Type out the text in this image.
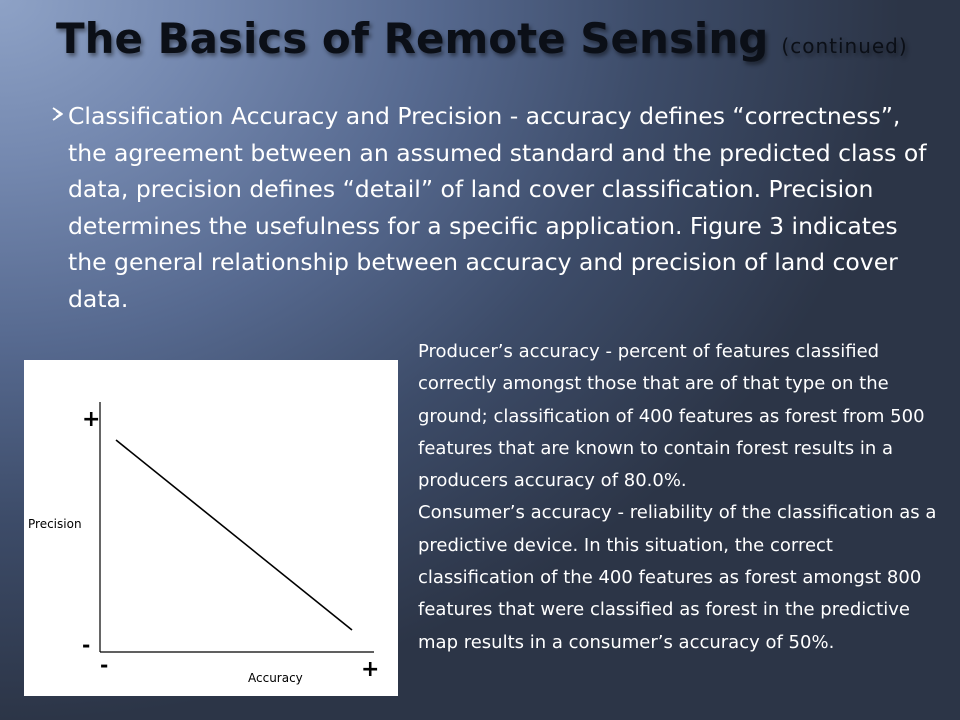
The Basics of Remote Sensing (continued)
Classification Accuracy and Precision - accuracy defines “correctness”, the agreement between an assumed standard and the predicted class of data, precision defines “detail” of land cover classification. Precision determines the usefulness for a specific application. Figure 3 indicates the general relationship between accuracy and precision of land cover data.
+
-
Precision
-
Accuracy	+

Producer’s accuracy - percent of features classified correctly amongst those that are of that type on the ground; classification of 400 features as forest from 500 features that are known to contain forest results in a producers accuracy of 80.0%.

Consumer’s accuracy - reliability of the classification as a predictive device. In this situation, the correct classification of the 400 features as forest amongst 800 features that were classified as forest in the predictive map results in a consumer’s accuracy of 50%.
